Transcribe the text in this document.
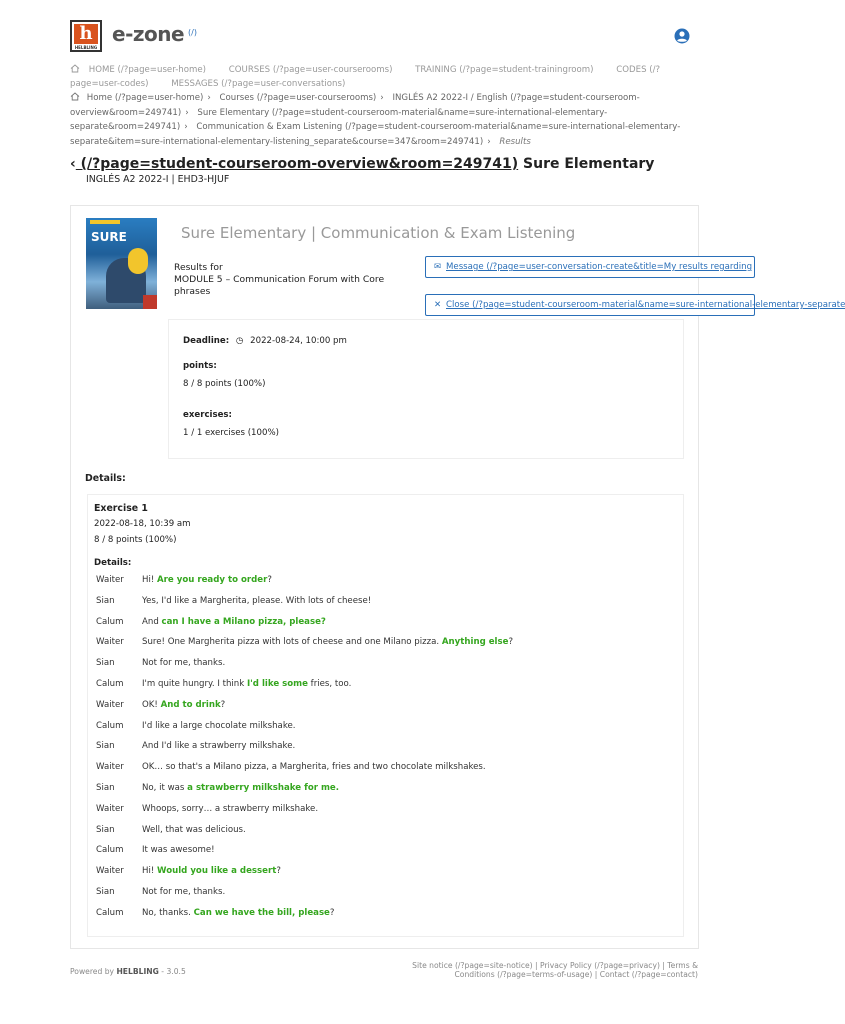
h
HELBLING
e-zone (/)
HOME (/?page=user-home)	COURSES (/?page=user-courserooms)	TRAINING (/?page=student-trainingroom)	CODES (/?page=user-codes)	MESSAGES (/?page=user-conversations)
Home (/?page=user-home) › Courses (/?page=user-courserooms) › INGLÉS A2 2022-I / English (/?page=student-courseroom-overview&room=249741) › Sure Elementary (/?page=student-courseroom-material&name=sure-international-elementary-separate&room=249741) › Communication & Exam Listening (/?page=student-courseroom-material&name=sure-international-elementary-separate&item=sure-international-elementary-listening_separate&course=347&room=249741) › Results
‹ (/?page=student-courseroom-overview&room=249741) Sure Elementary
INGLÉS A2 2022-I | EHD3-HJUF
SURE	Sure Elementary | Communication & Exam Listening
Results for
MODULE 5 – Communication Forum with Core phrases
✉ Message (/?page=user-conversation-create&title=My results regarding
✕ Close (/?page=student-courseroom-material&name=sure-international-elementary-separate
Deadline: ◷ 2022-08-24, 10:00 pm
points:
8 / 8 points (100%)
exercises:
1 / 1 exercises (100%)
Details:
Exercise 1
2022-08-18, 10:39 am
8 / 8 points (100%)
Details:
Waiter	Hi! Are you ready to order?
Sian	Yes, I'd like a Margherita, please. With lots of cheese!
Calum	And can I have a Milano pizza, please?
Waiter	Sure! One Margherita pizza with lots of cheese and one Milano pizza. Anything else?
Sian	Not for me, thanks.
Calum	I'm quite hungry. I think I'd like some fries, too.
Waiter	OK! And to drink?
Calum	I'd like a large chocolate milkshake.
Sian	And I'd like a strawberry milkshake.
Waiter	OK… so that's a Milano pizza, a Margherita, fries and two chocolate milkshakes.
Sian	No, it was a strawberry milkshake for me.
Waiter	Whoops, sorry… a strawberry milkshake.
Sian	Well, that was delicious.
Calum	It was awesome!
Waiter	Hi! Would you like a dessert?
Sian	Not for me, thanks.
Calum	No, thanks. Can we have the bill, please?
Powered by HELBLING - 3.0.5
Site notice (/?page=site-notice) | Privacy Policy (/?page=privacy) | Terms &
Conditions (/?page=terms-of-usage) | Contact (/?page=contact)
